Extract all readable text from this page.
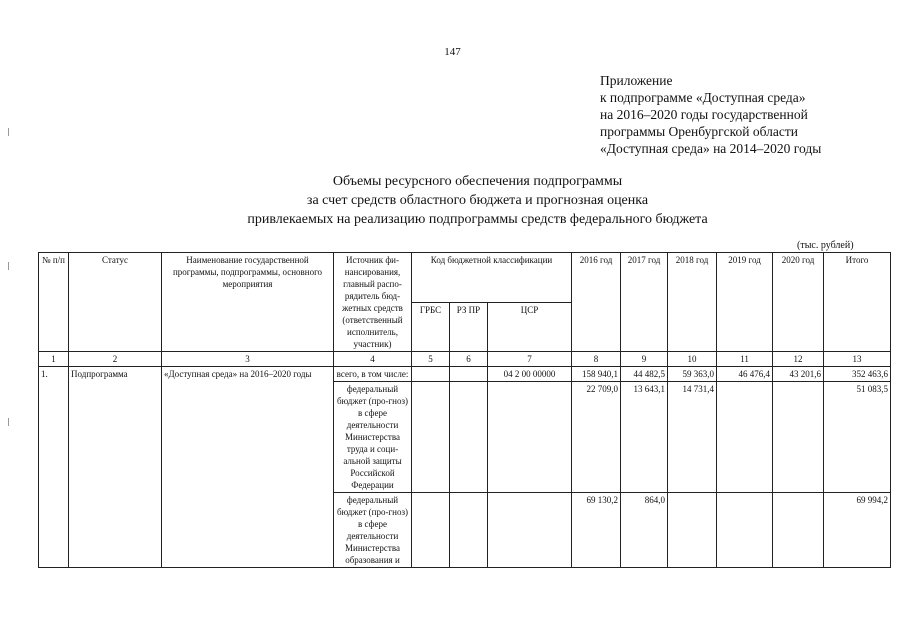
147
Приложение
к подпрограмме «Доступная среда»
на 2016–2020 годы государственной
программы Оренбургской области
«Доступная среда» на 2014–2020 годы
Объемы ресурсного обеспечения подпрограммы
за счет средств областного бюджета и прогнозная оценка
привлекаемых на реализацию подпрограммы средств федерального бюджета
(тыс. рублей)
№ п/п	Статус	Наименование государственной программы, подпрограммы, основного мероприятия	Источник фи-нансирования, главный распо-рядитель бюд-жетных средств (ответственный исполнитель, участник)	Код бюджетной классификации			2016 год	2017 год	2018 год	2019 год	2020 год	Итого
				ГРБС	РЗ ПР	ЦСР						
1	2	3	4	5	6	7	8	9	10	11	12	13
1.	Подпрограмма	«Доступная среда» на 2016–2020 годы	всего, в том числе:			04 2 00 00000	158 940,1	44 482,5	59 363,0	46 476,4	43 201,6	352 463,6
			федеральный бюджет (про-гноз) в сфере деятельности Министерства труда и соци-альной защиты Российской Федерации				22 709,0	13 643,1	14 731,4			51 083,5
			федеральный бюджет (про-гноз) в сфере деятельности Министерства образования и				69 130,2	864,0				69 994,2
